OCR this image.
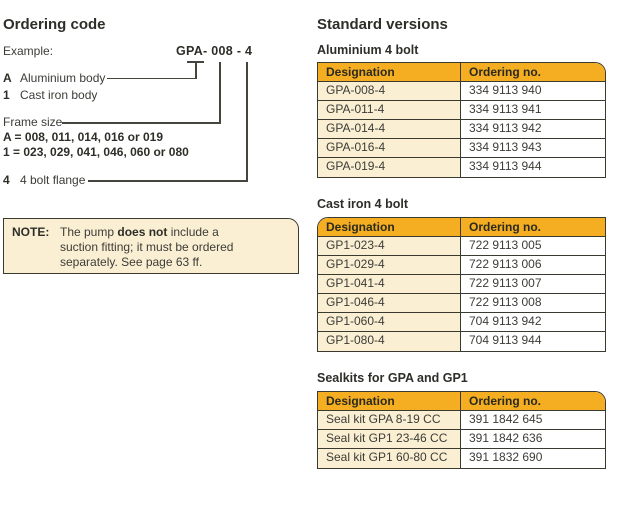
Ordering code
Example:	GPA- 008 - 4
A Aluminium body
1 Cast iron body
Frame size
A = 008, 011, 014, 016 or 019
1 = 023, 029, 041, 046, 060 or 080
4 4 bolt flange
NOTE: The pump does not include a
suction fitting; it must be ordered
separately. See page 63 ff.
Standard versions
Aluminium 4 bolt
Designation	Ordering no.
GPA-008-4	334 9113 940
GPA-011-4	334 9113 941
GPA-014-4	334 9113 942
GPA-016-4	334 9113 943
GPA-019-4	334 9113 944
Cast iron 4 bolt
Designation	Ordering no.
GP1-023-4	722 9113 005
GP1-029-4	722 9113 006
GP1-041-4	722 9113 007
GP1-046-4	722 9113 008
GP1-060-4	704 9113 942
GP1-080-4	704 9113 944
Sealkits for GPA and GP1
Designation	Ordering no.
Seal kit GPA 8-19 CC	391 1842 645
Seal kit GP1 23-46 CC	391 1842 636
Seal kit GP1 60-80 CC	391 1832 690
